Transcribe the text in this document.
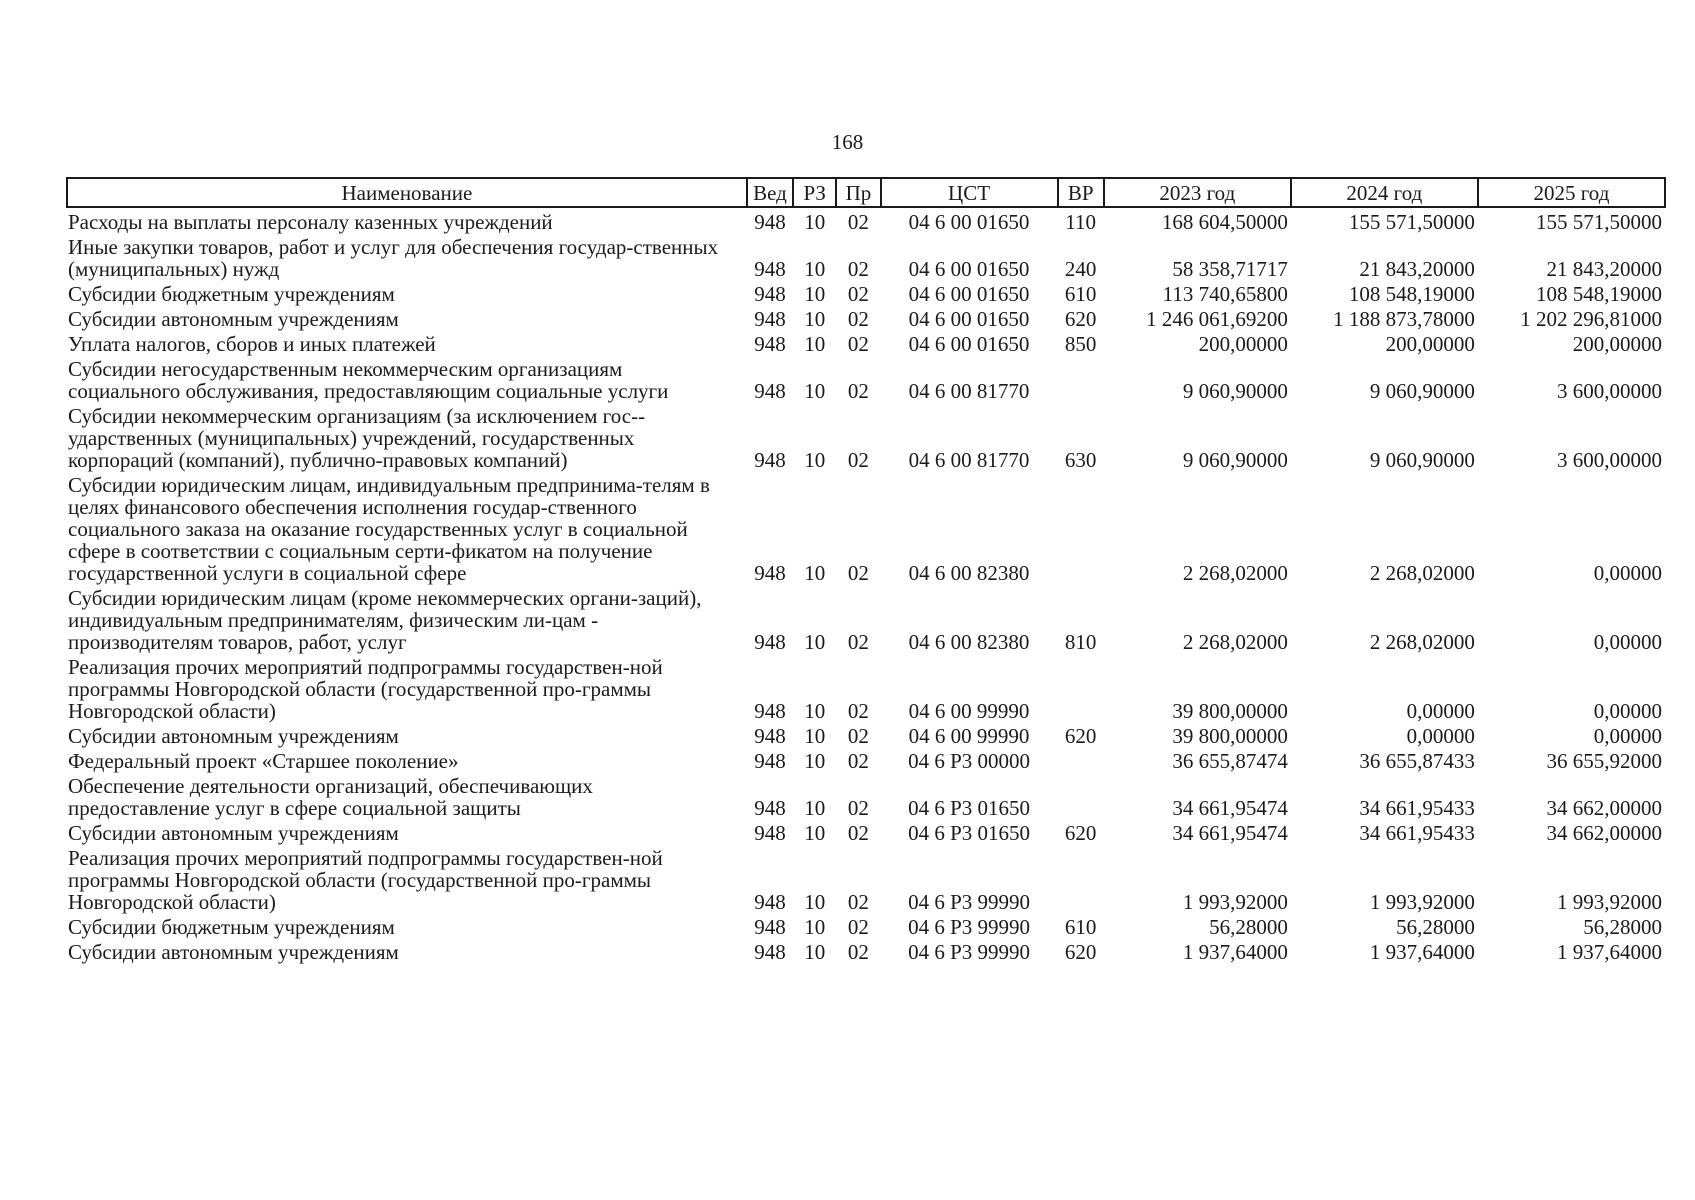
168
Наименование	Вед	РЗ	Пр	ЦСТ	ВР	2023 год	2024 год	2025 год
Расходы на выплаты персоналу казенных учреждений	948	10	02	04 6 00 01650	110	168 604,50000	155 571,50000	155 571,50000
Иные закупки товаров, работ и услуг для обеспечения государ-ственных (муниципальных) нужд	948	10	02	04 6 00 01650	240	58 358,71717	21 843,20000	21 843,20000
Субсидии бюджетным учреждениям	948	10	02	04 6 00 01650	610	113 740,65800	108 548,19000	108 548,19000
Субсидии автономным учреждениям	948	10	02	04 6 00 01650	620	1 246 061,69200	1 188 873,78000	1 202 296,81000
Уплата налогов, сборов и иных платежей	948	10	02	04 6 00 01650	850	200,00000	200,00000	200,00000
Субсидии негосударственным некоммерческим организациям социального обслуживания, предоставляющим социальные услуги	948	10	02	04 6 00 81770		9 060,90000	9 060,90000	3 600,00000
Субсидии некоммерческим организациям (за исключением гос-ударственных (муниципальных) учреждений, государственных корпораций (компаний), публично-правовых компаний)	948	10	02	04 6 00 81770	630	9 060,90000	9 060,90000	3 600,00000
Субсидии юридическим лицам, индивидуальным предпринима-телям в целях финансового обеспечения исполнения государ-ственного социального заказа на оказание государственных услуг в социальной сфере в соответствии с социальным серти-фикатом на получение государственной услуги в социальной сфере	948	10	02	04 6 00 82380		2 268,02000	2 268,02000	0,00000
Субсидии юридическим лицам (кроме некоммерческих органи-заций), индивидуальным предпринимателям, физическим ли-цам - производителям товаров, работ, услуг	948	10	02	04 6 00 82380	810	2 268,02000	2 268,02000	0,00000
Реализация прочих мероприятий подпрограммы государствен-ной программы Новгородской области (государственной про-граммы Новгородской области)	948	10	02	04 6 00 99990		39 800,00000	0,00000	0,00000
Субсидии автономным учреждениям	948	10	02	04 6 00 99990	620	39 800,00000	0,00000	0,00000
Федеральный проект «Старшее поколение»	948	10	02	04 6 Р3 00000		36 655,87474	36 655,87433	36 655,92000
Обеспечение деятельности организаций, обеспечивающих предоставление услуг в сфере социальной защиты	948	10	02	04 6 Р3 01650		34 661,95474	34 661,95433	34 662,00000
Субсидии автономным учреждениям	948	10	02	04 6 Р3 01650	620	34 661,95474	34 661,95433	34 662,00000
Реализация прочих мероприятий подпрограммы государствен-ной программы Новгородской области (государственной про-граммы Новгородской области)	948	10	02	04 6 Р3 99990		1 993,92000	1 993,92000	1 993,92000
Субсидии бюджетным учреждениям	948	10	02	04 6 Р3 99990	610	56,28000	56,28000	56,28000
Субсидии автономным учреждениям	948	10	02	04 6 Р3 99990	620	1 937,64000	1 937,64000	1 937,64000
